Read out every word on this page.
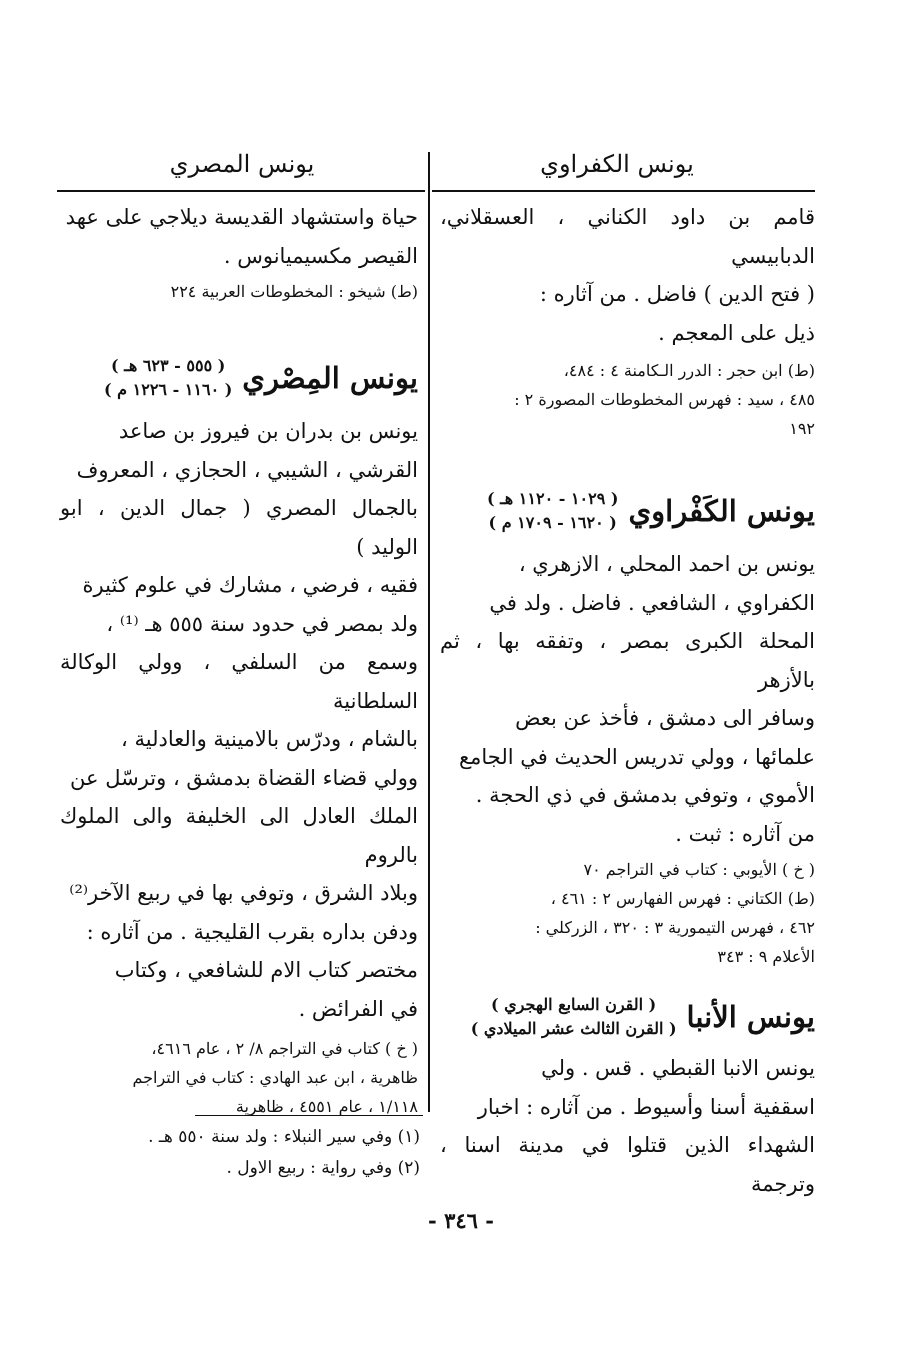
يونس الكفراوي
يونس المصري
قامم بن داود الكناني ، العسقلاني، الدبابيسي
( فتح الدين ) فاضل . من آثاره :
ذيل على المعجم .
(ط) ابن حجر : الدرر الـكامنة ٤ : ٤٨٤،
٤٨٥ ، سيد : فهرس المخطوطات المصورة ٢ :
١٩٢
يونس الكَفْراوي
( ١٠٢٩ - ١١٢٠ هـ )
( ١٦٢٠ - ١٧٠٩ م )
يونس بن احمد المحلي ، الازهري ،
الكفراوي ، الشافعي . فاضل . ولد في
المحلة الكبرى بمصر ، وتفقه بها ، ثم بالأزهر
وسافر الى دمشق ، فأخذ عن بعض
علمائها ، وولي تدريس الحديث في الجامع
الأموي ، وتوفي بدمشق في ذي الحجة .
من آثاره : ثبت .
( خ ) الأيوبي : كتاب في التراجم ٧٠
(ط) الكتاني : فهرس الفهارس ٢ : ٤٦١ ،
٤٦٢ ، فهرس التيمورية ٣ : ٣٢٠ ، الزركلي :
الأعلام ٩ : ٣٤٣
يونس الأنبا
( القرن السابع الهجري )
( القرن الثالث عشر الميلادي )
يونس الانبا القبطي . قس . ولي
اسقفية أسنا وأسيوط . من آثاره : اخبار
الشهداء الذين قتلوا في مدينة اسنا ، وترجمة
حياة واستشهاد القديسة ديلاجي على عهد
القيصر مكسيميانوس .
(ط) شيخو : المخطوطات العربية ٢٢٤
يونس المِصْري
( ٥٥٥ - ٦٢٣ هـ )
( ١١٦٠ - ١٢٢٦ م )
يونس بن بدران بن فيروز بن صاعد
القرشي ، الشيبي ، الحجازي ، المعروف
بالجمال المصري ( جمال الدين ، ابو الوليد )
فقيه ، فرضي ، مشارك في علوم كثيرة
ولد بمصر في حدود سنة ٥٥٥ هـ ⁽¹⁾ ،
وسمع من السلفي ، وولي الوكالة السلطانية
بالشام ، ودرّس بالامينية والعادلية ،
وولي قضاء القضاة بدمشق ، وترسّل عن
الملك العادل الى الخليفة والى الملوك بالروم
وبلاد الشرق ، وتوفي بها في ربيع الآخر⁽²⁾
ودفن بداره بقرب القليجية . من آثاره :
مختصر كتاب الام للشافعي ، وكتاب
في الفرائض .
( خ ) كتاب في التراجم ٨/ ٢ ، عام ٤٦١٦،
ظاهرية ، ابن عبد الهادي : كتاب في التراجم
١/١١٨ ، عام ٤٥٥١ ، ظاهرية
(١) وفي سير النبلاء : ولد سنة ٥٥٠ هـ .
(٢) وفي رواية : ربيع الاول .
- ٣٤٦ -
